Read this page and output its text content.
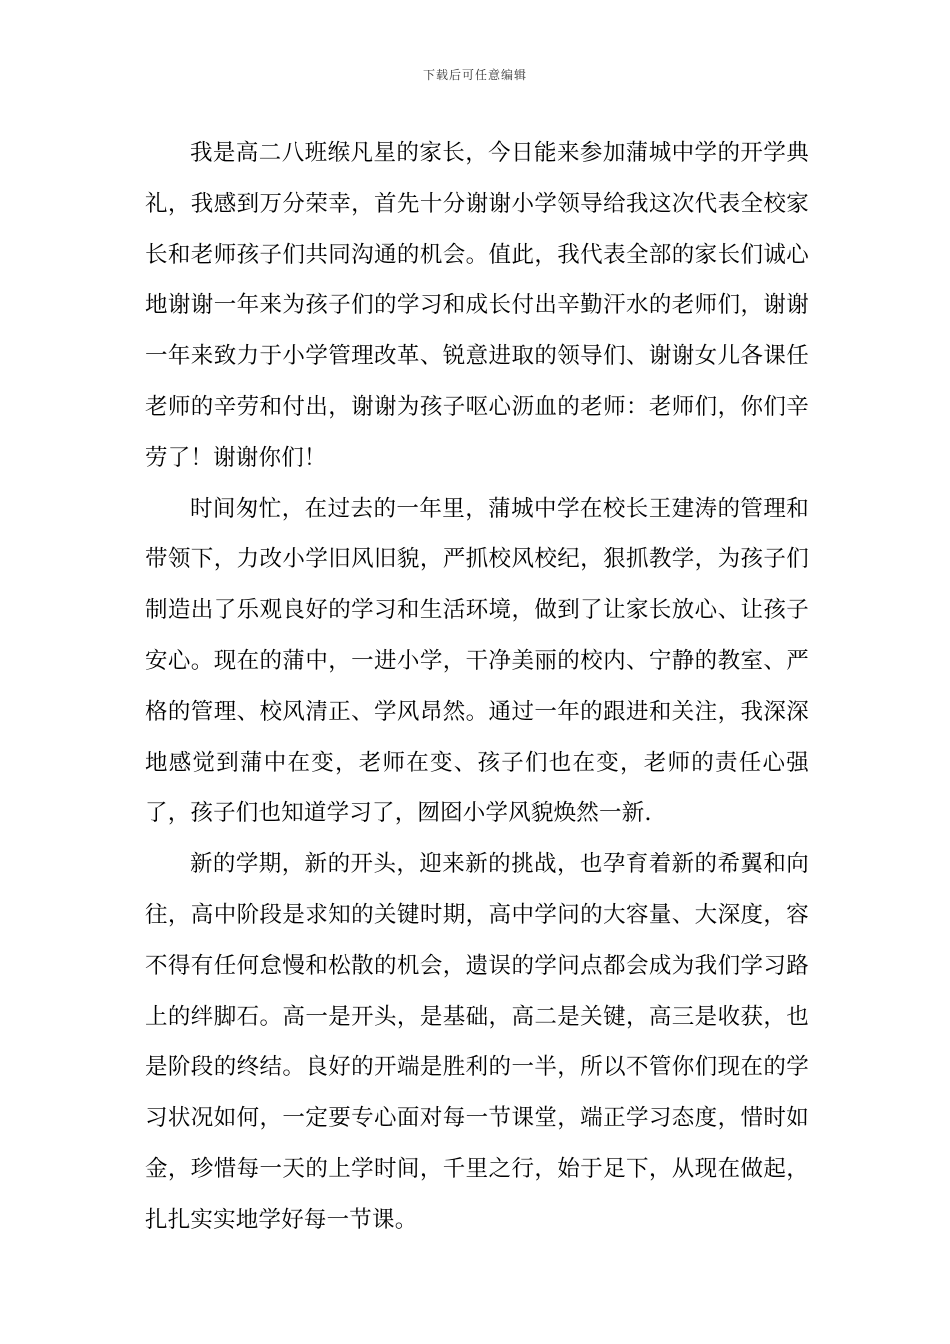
下载后可任意编辑

我是高二八班缑凡星的家长，今日能来参加蒲城中学的开学典礼，我感到万分荣幸，首先十分谢谢小学领导给我这次代表全校家长和老师孩子们共同沟通的机会。值此，我代表全部的家长们诚心地谢谢一年来为孩子们的学习和成长付出辛勤汗水的老师们，谢谢一年来致力于小学管理改革、锐意进取的领导们、谢谢女儿各课任老师的辛劳和付出，谢谢为孩子呕心沥血的老师：老师们，你们辛劳了！谢谢你们！

时间匆忙，在过去的一年里，蒲城中学在校长王建涛的管理和带领下，力改小学旧风旧貌，严抓校风校纪，狠抓教学，为孩子们制造出了乐观良好的学习和生活环境，做到了让家长放心、让孩子安心。现在的蒲中，一进小学，干净美丽的校内、宁静的教室、严格的管理、校风清正、学风昂然。通过一年的跟进和关注，我深深地感觉到蒲中在变，老师在变、孩子们也在变，老师的责任心强了，孩子们也知道学习了，囫囵小学风貌焕然一新.

新的学期，新的开头，迎来新的挑战，也孕育着新的希翼和向往，高中阶段是求知的关键时期，高中学问的大容量、大深度，容不得有任何怠慢和松散的机会，遗误的学问点都会成为我们学习路上的绊脚石。高一是开头，是基础，高二是关键，高三是收获，也是阶段的终结。良好的开端是胜利的一半，所以不管你们现在的学习状况如何，一定要专心面对每一节课堂，端正学习态度，惜时如金，珍惜每一天的上学时间，千里之行，始于足下，从现在做起，扎扎实实地学好每一节课。
